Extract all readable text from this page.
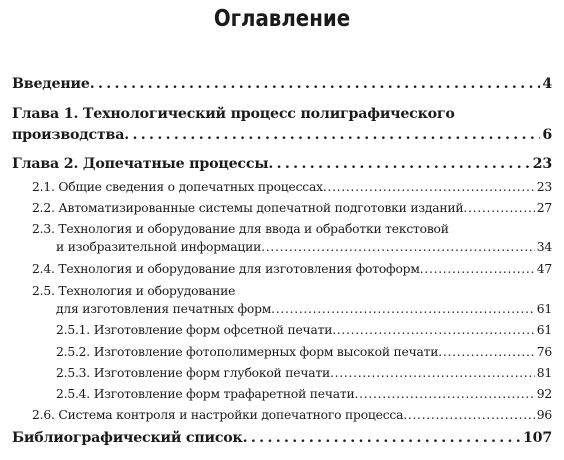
Оглавление
Введение . . .	4
Глава 1. Технологический процесс полиграфического
производства . . .	6
Глава 2. Допечатные процессы . . .	23
2.1. Общие сведения о допечатных процессах . . .	23
2.2. Автоматизированные системы допечатной подготовки изданий . . .	27
2.3. Технология и оборудование для ввода и обработки текстовой
и изобразительной информации . . .	34
2.4. Технология и оборудование для изготовления фотоформ . . .	47
2.5. Технология и оборудование
для изготовления печатных форм . . .	61
2.5.1. Изготовление форм офсетной печати . . .	61
2.5.2. Изготовление фотополимерных форм высокой печати . . .	76
2.5.3. Изготовление форм глубокой печати . . .	81
2.5.4. Изготовление форм трафаретной печати . . .	92
2.6. Система контроля и настройки допечатного процесса . . .	96
Библиографический список . . .	107
